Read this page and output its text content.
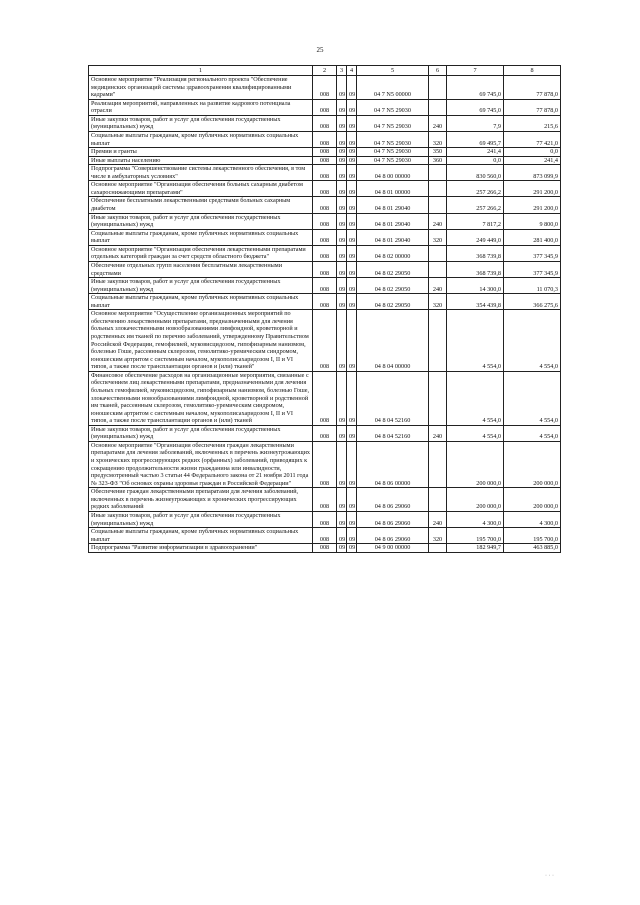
25
1	2	3	4	5	6	7	8
Основное мероприятие "Реализация регионального проекта "Обеспечение медицинских организаций системы здравоохранения квалифицированными кадрами"	008	09	09	04 7 N5 00000		69 745,0	77 878,0
Реализация мероприятий, направленных на развитие кадрового потенциала отрасли	008	09	09	04 7 N5 29030		69 745,0	77 878,0
Иные закупки товаров, работ и услуг для обеспечения государственных (муниципальных) нужд	008	09	09	04 7 N5 29030	240	7,9	215,6
Социальные выплаты гражданам, кроме публичных нормативных социальных выплат	008	09	09	04 7 N5 29030	320	69 495,7	77 421,0
Премии и гранты	008	09	09	04 7 N5 29030	350	241,4	0,0
Иные выплаты населению	008	09	09	04 7 N5 29030	360	0,0	241,4
Подпрограмма "Совершенствование системы лекарственного обеспечения, в том числе в амбулаторных условиях"	008	09	09	04 8 00 00000		830 560,0	873 099,9
Основное мероприятие "Организация обеспечения больных сахарным диабетом сахароснижающими препаратами"	008	09	09	04 8 01 00000		257 266,2	291 200,0
Обеспечение бесплатными лекарственными средствами больных сахарным диабетом	008	09	09	04 8 01 29040		257 266,2	291 200,0
Иные закупки товаров, работ и услуг для обеспечения государственных (муниципальных) нужд	008	09	09	04 8 01 29040	240	7 817,2	9 800,0
Социальные выплаты гражданам, кроме публичных нормативных социальных выплат	008	09	09	04 8 01 29040	320	249 449,0	281 400,0
Основное мероприятие "Организация обеспечения лекарственными препаратами отдельных категорий граждан за счет средств областного бюджета"	008	09	09	04 8 02 00000		368 739,8	377 345,9
Обеспечение отдельных групп населения бесплатными лекарственными средствами	008	09	09	04 8 02 29050		368 739,8	377 345,9
Иные закупки товаров, работ и услуг для обеспечения государственных (муниципальных) нужд	008	09	09	04 8 02 29050	240	14 300,0	11 070,3
Социальные выплаты гражданам, кроме публичных нормативных социальных выплат	008	09	09	04 8 02 29050	320	354 439,8	366 275,6
Основное мероприятие "Осуществление организационных мероприятий по обеспечению лекарственными препаратами, предназначенными для лечения больных злокачественными новообразованиями лимфоидной, кроветворной и родственных им тканей по перечню заболеваний, утвержденному Правительством Российской Федерации, гемофилией, муковисцидозом, гипофизарным нанизмом, болезнью Гоше, рассеянным склерозом, гемолитико-уремическим синдромом, юношеским артритом с системным началом, мукополисахаридозом I, II и VI типов, а также после трансплантации органов и (или) тканей"	008	09	09	04 8 04 00000		4 554,0	4 554,0
Финансовое обеспечение расходов на организационные мероприятия, связанные с обеспечением лиц лекарственными препаратами, предназначенными для лечения больных гемофилией, муковисцидозом, гипофизарным нанизмом, болезнью Гоше, злокачественными новообразованиями лимфоидной, кроветворной и родственной им тканей, рассеянным склерозом, гемолитико-уремическим синдромом, юношеским артритом с системным началом, мукополисахаридозом I, II и VI типов, а также после трансплантации органов и (или) тканей	008	09	09	04 8 04 52160		4 554,0	4 554,0
Иные закупки товаров, работ и услуг для обеспечения государственных (муниципальных) нужд	008	09	09	04 8 04 52160	240	4 554,0	4 554,0
Основное мероприятие "Организация обеспечения граждан лекарственными препаратами для лечения заболеваний, включенных в перечень жизнеугрожающих и хронических прогрессирующих редких (орфанных) заболеваний, приводящих к сокращению продолжительности жизни гражданина или инвалидности, предусмотренный частью 3 статьи 44 Федерального закона от 21 ноября 2011 года № 323-ФЗ "Об основах охраны здоровья граждан в Российской Федерации"	008	09	09	04 8 06 00000		200 000,0	200 000,0
Обеспечение граждан лекарственными препаратами для лечения заболеваний, включенных в перечень жизнеугрожающих и хронических прогрессирующих редких заболеваний	008	09	09	04 8 06 29060		200 000,0	200 000,0
Иные закупки товаров, работ и услуг для обеспечения государственных (муниципальных) нужд	008	09	09	04 8 06 29060	240	4 300,0	4 300,0
Социальные выплаты гражданам, кроме публичных нормативных социальных выплат	008	09	09	04 8 06 29060	320	195 700,0	195 700,0
Подпрограмма "Развитие информатизации в здравоохранении"	008	09	09	04 9 00 00000		182 949,7	463 885,0
· · ·
